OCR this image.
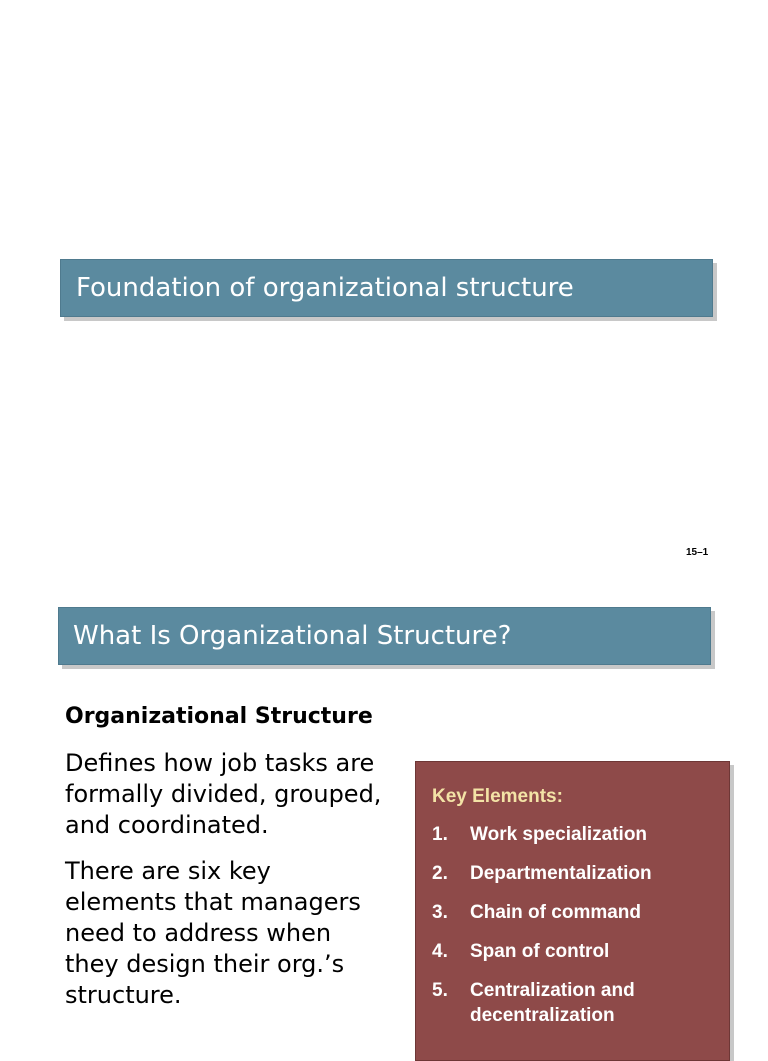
Foundation of organizational structure
15–1
What Is Organizational Structure?
Organizational Structure

Defines how job tasks are formally divided, grouped, and coordinated.

There are six key elements that managers need to address when they design their org.’s structure.

Key Elements:
1.	Work specialization
2.	Departmentalization
3.	Chain of command
4.	Span of control
5.	Centralization and decentralization
